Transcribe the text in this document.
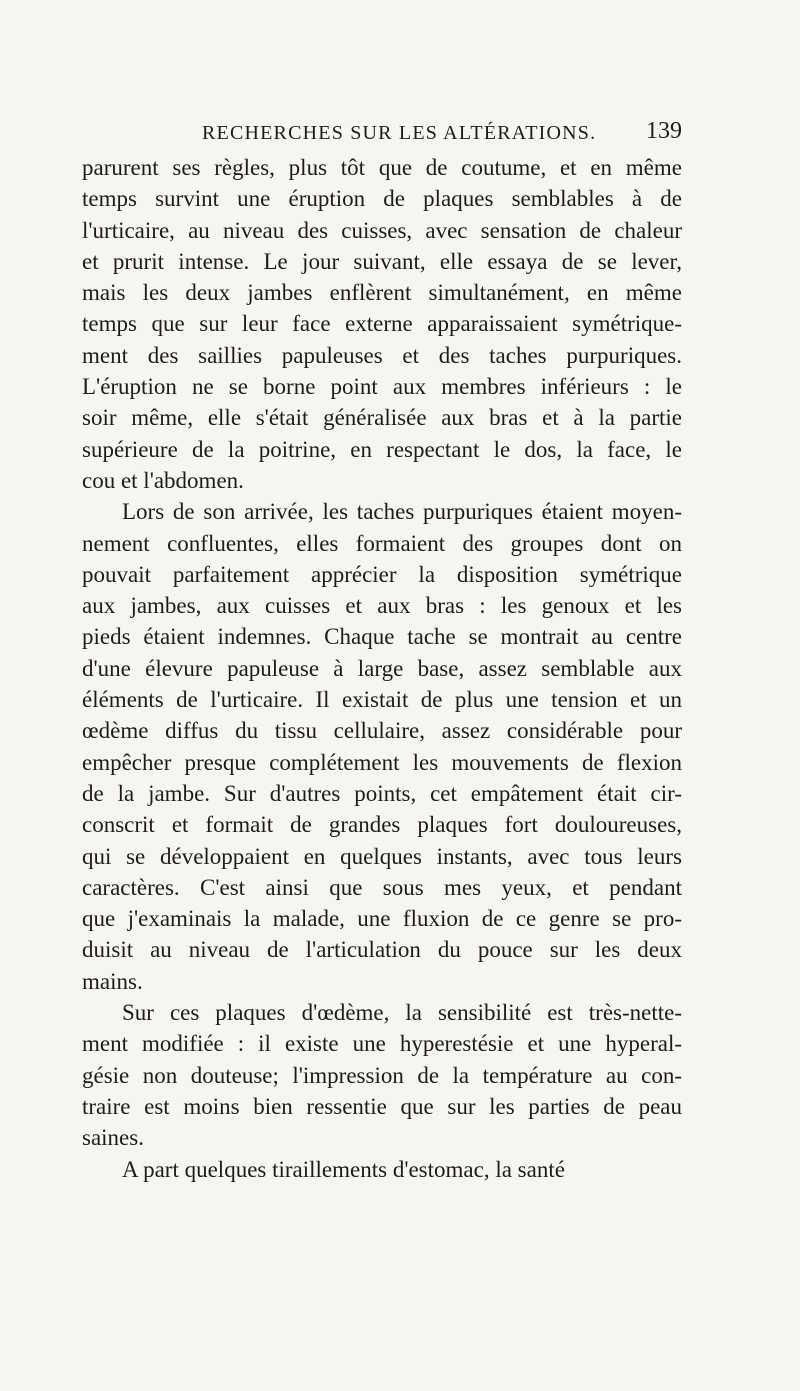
RECHERCHES SUR LES ALTÉRATIONS. 139
parurent ses règles, plus tôt que de coutume, et en même
temps survint une éruption de plaques semblables à de
l'urticaire, au niveau des cuisses, avec sensation de chaleur
et prurit intense. Le jour suivant, elle essaya de se lever,
mais les deux jambes enflèrent simultanément, en même
temps que sur leur face externe apparaissaient symétrique-
ment des saillies papuleuses et des taches purpuriques.
L'éruption ne se borne point aux membres inférieurs : le
soir même, elle s'était généralisée aux bras et à la partie
supérieure de la poitrine, en respectant le dos, la face, le
cou et l'abdomen.
Lors de son arrivée, les taches purpuriques étaient moyen-
nement confluentes, elles formaient des groupes dont on
pouvait parfaitement apprécier la disposition symétrique
aux jambes, aux cuisses et aux bras : les genoux et les
pieds étaient indemnes. Chaque tache se montrait au centre
d'une élevure papuleuse à large base, assez semblable aux
éléments de l'urticaire. Il existait de plus une tension et un
œdème diffus du tissu cellulaire, assez considérable pour
empêcher presque complétement les mouvements de flexion
de la jambe. Sur d'autres points, cet empâtement était cir-
conscrit et formait de grandes plaques fort douloureuses,
qui se développaient en quelques instants, avec tous leurs
caractères. C'est ainsi que sous mes yeux, et pendant
que j'examinais la malade, une fluxion de ce genre se pro-
duisit au niveau de l'articulation du pouce sur les deux
mains.
Sur ces plaques d'œdème, la sensibilité est très-nette-
ment modifiée : il existe une hyperestésie et une hyperal-
gésie non douteuse; l'impression de la température au con-
traire est moins bien ressentie que sur les parties de peau
saines.
A part quelques tiraillements d'estomac, la santé
